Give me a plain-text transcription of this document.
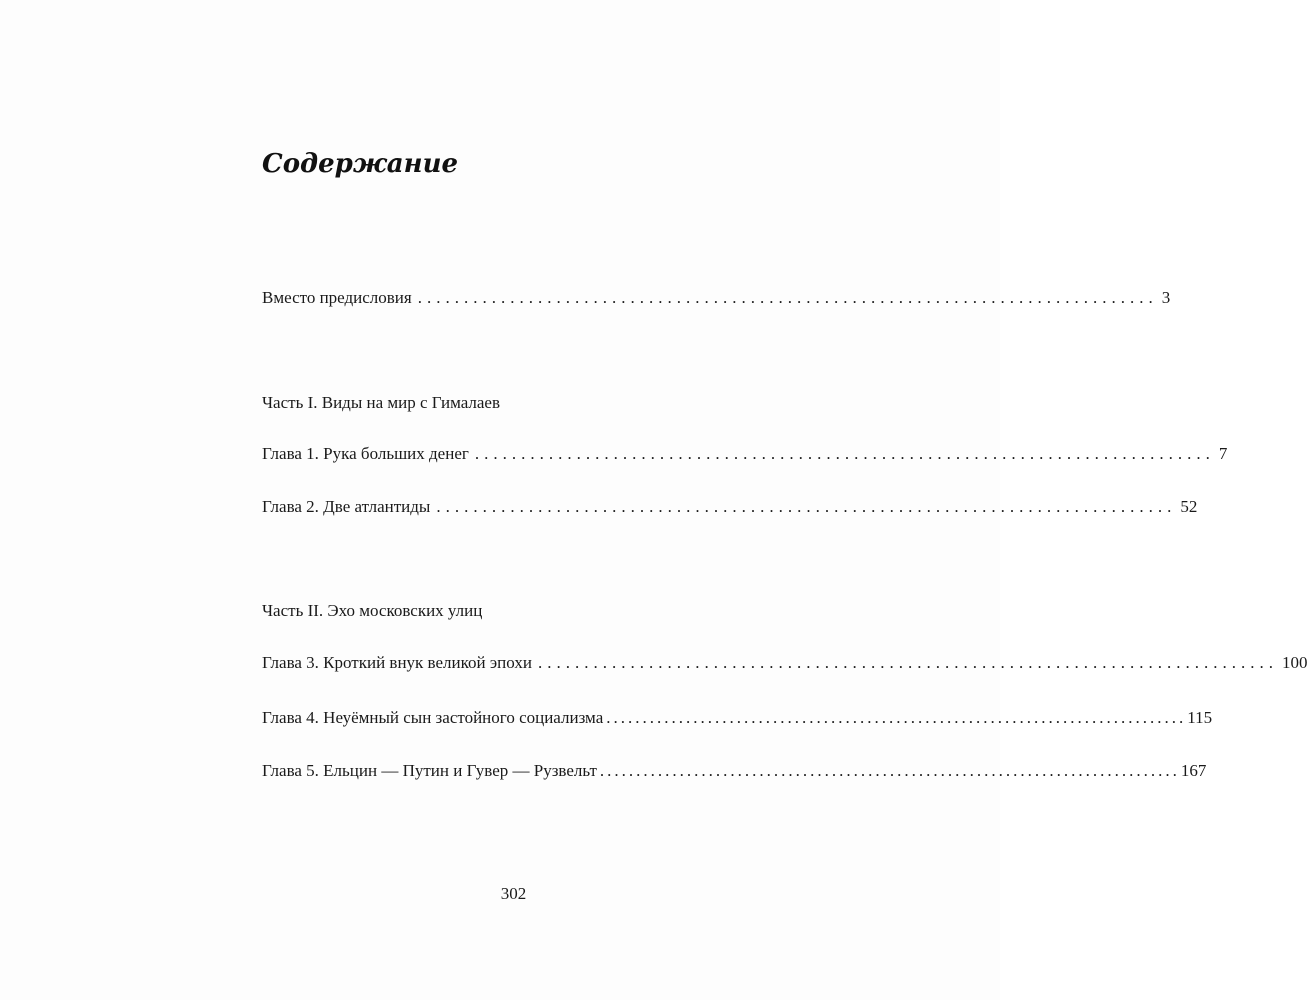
Содержание
Вместо предисловия ................................................................................ 3
Часть I. Виды на мир с Гималаев
Глава 1. Рука больших денег ................................................................................ 7
Глава 2. Две атлантиды ................................................................................ 52
Часть II. Эхо московских улиц
Глава 3. Кроткий внук великой эпохи ................................................................................ 100
Глава 4. Неуёмный сын застойного социализма ................................................................................ 115
Глава 5. Ельцин — Путин и Гувер — Рузвельт ................................................................................ 167
302
